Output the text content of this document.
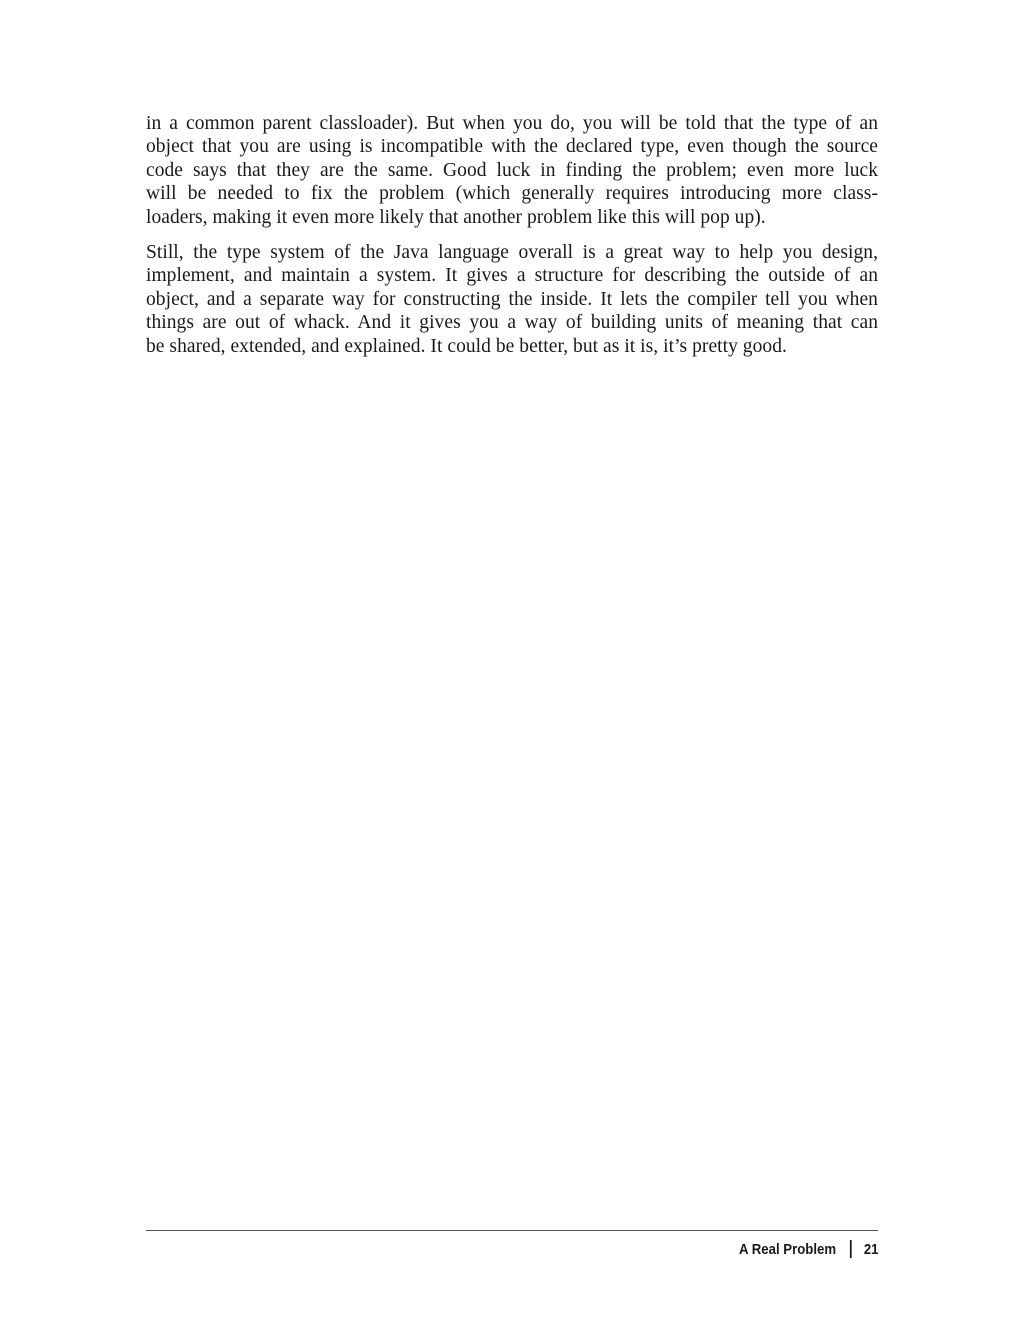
in a common parent classloader). But when you do, you will be told that the type of an
object that you are using is incompatible with the declared type, even though the source
code says that they are the same. Good luck in finding the problem; even more luck
will be needed to fix the problem (which generally requires introducing more class-
loaders, making it even more likely that another problem like this will pop up).

Still, the type system of the Java language overall is a great way to help you design,
implement, and maintain a system. It gives a structure for describing the outside of an
object, and a separate way for constructing the inside. It lets the compiler tell you when
things are out of whack. And it gives you a way of building units of meaning that can
be shared, extended, and explained. It could be better, but as it is, it’s pretty good.

A Real Problem 21
